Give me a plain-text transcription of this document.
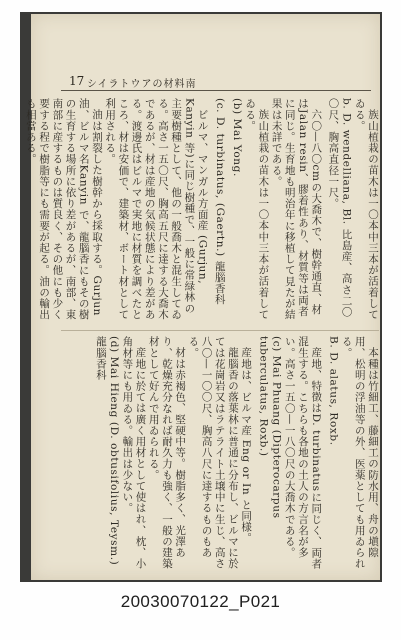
17 シイラトウアの材料南

族山植栽の苗木は一〇本中三本が活着してゐる。

b. D. wendelliana, Bl. 比島産、高さ二〇〇尺、胸高直径一尺。

六〇—八〇cmの大喬木で、樹幹通直、材はJalan resin、膠着性あり、材質等は両者に同じ。生育地も明治年に移植して見たが結果は未詳である。

族山植栽の苗木は一〇本中三本が活着してゐる。

(b) Mai Yong.

(c. D. turbinatus, (Gaertn.) 龍腦香科

ビルマ、マンガル方面産 (Gurjun, Kanyin 等)に同じ樹種で、一般に常緑林の主要樹種として、他の一般喬木と混生してゐる。高さ一五〇尺、胸高五尺に達する大喬木であるが、材は産地の気候状態により差がある。渡邊氏はビルマで実地に材質を調べたところ、材は安価で、建築材、ボート材として利用される。

油は割裂した樹幹から採取する。Gurjun 油、ビルマ名Kanyin で、龍腦香にもその樹の生育する場所に依り差があるが、南部、東南部に産するものは質良く、その他にも少く要する程で樹脂等にも需要が起る。油の輸出も相當ある。

本種は竹細工、藤細工の防水用、舟の塡隙用、松明の浮油等の外、医薬としても用ゐられる。

B. D. alatus, Roxb.

産地、特徴はD. turbinatusに同じく、両者混生する。こちらも各地の土人の方言名が多い。高さ一五〇—一八〇尺の大喬木である。

(c) Mai Phuang (Dipterocarpus tuberculatus, Roxb.)

産地は、ビルマ産 Eng or In と同様。

龍腦香の落葉林に普通に分布し、ビルマに於ては花崗岩又はラテライト土壌中に生じ、高さ八〇—一〇〇尺、胸高八尺に達するものもある。

材は赤褐色、堅硬中等。樹脂多く、光澤あり、乾燥充分なれば耐久力も強く、一般の建築材として好んで用ゐられる。

産地に於ては廣く用材として使はれ、枕、小角材等にも用ゐる。輸出は少ない。

(d) Mai Hieng (D. obtusifolius, Teysm.) 龍腦香科

20030070122_P021
